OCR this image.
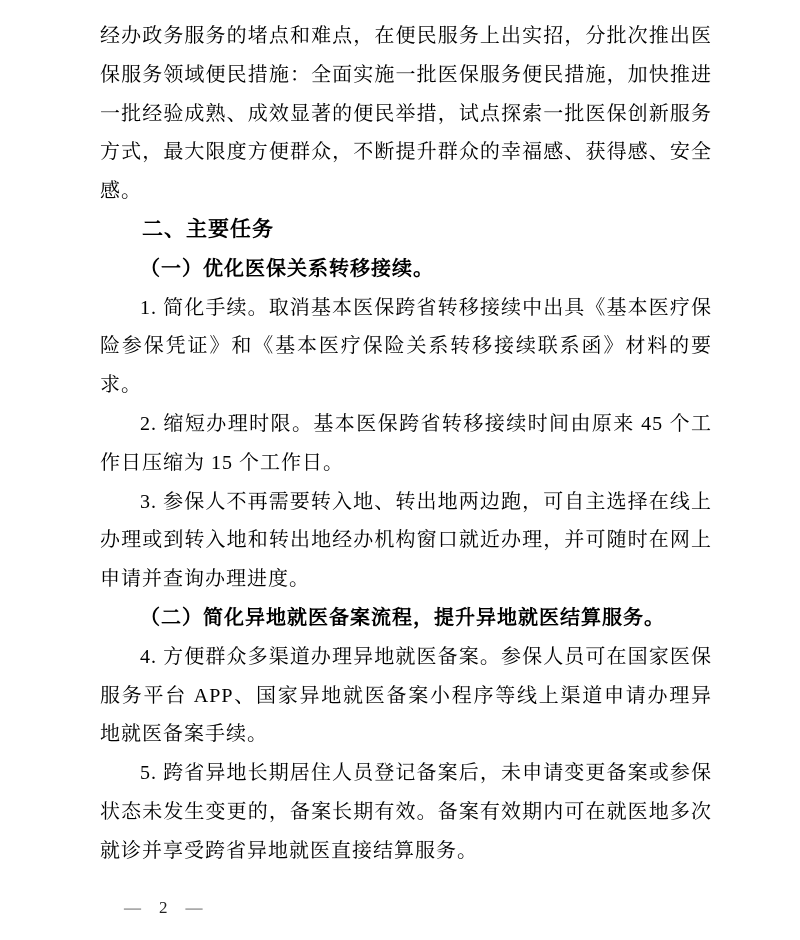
经办政务服务的堵点和难点，在便民服务上出实招，分批次推出医保服务领域便民措施：全面实施一批医保服务便民措施，加快推进一批经验成熟、成效显著的便民举措，试点探索一批医保创新服务方式，最大限度方便群众，不断提升群众的幸福感、获得感、安全感。

二、主要任务

（一）优化医保关系转移接续。

1. 简化手续。取消基本医保跨省转移接续中出具《基本医疗保险参保凭证》和《基本医疗保险关系转移接续联系函》材料的要求。

2. 缩短办理时限。基本医保跨省转移接续时间由原来 45 个工作日压缩为 15 个工作日。

3. 参保人不再需要转入地、转出地两边跑，可自主选择在线上办理或到转入地和转出地经办机构窗口就近办理，并可随时在网上申请并查询办理进度。

（二）简化异地就医备案流程，提升异地就医结算服务。

4. 方便群众多渠道办理异地就医备案。参保人员可在国家医保服务平台 APP、国家异地就医备案小程序等线上渠道申请办理异地就医备案手续。

5. 跨省异地长期居住人员登记备案后，未申请变更备案或参保状态未发生变更的，备案长期有效。备案有效期内可在就医地多次就诊并享受跨省异地就医直接结算服务。

— 2 —
